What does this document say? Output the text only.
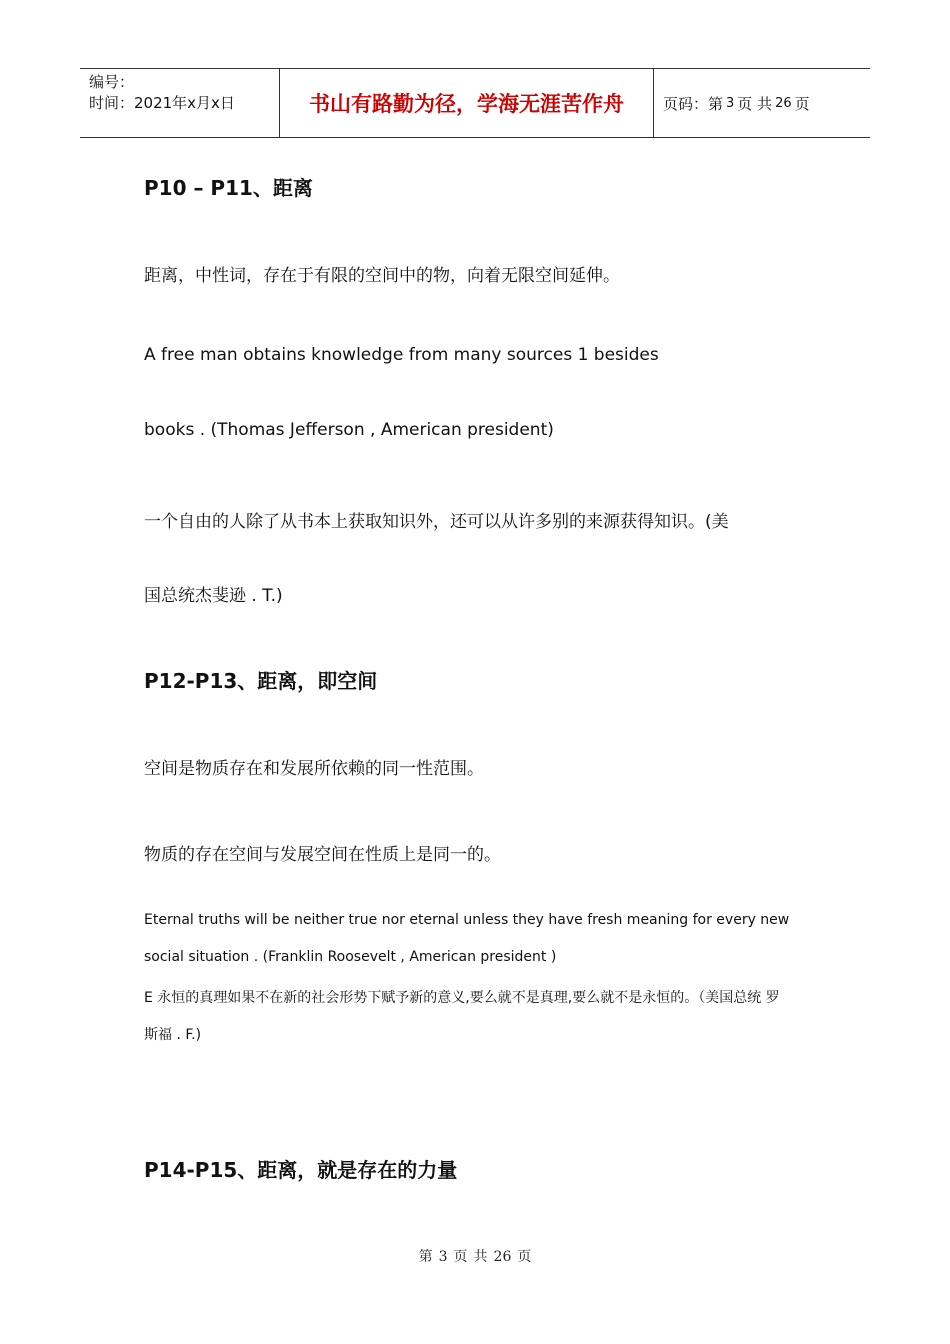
编号：
时间：2021年x月x日	书山有路勤为径，学海无涯苦作舟	页码：第 3 页 共 26 页
P10 – P11、距离
距离，中性词，存在于有限的空间中的物，向着无限空间延伸。
A free man obtains knowledge from many sources 1 besides
books . (Thomas Jefferson , American president)
一个自由的人除了从书本上获取知识外，还可以从许多别的来源获得知识。(美
国总统杰斐逊 . T.)
P12-P13、距离，即空间
空间是物质存在和发展所依赖的同一性范围。
物质的存在空间与发展空间在性质上是同一的。
Eternal truths will be neither true nor eternal unless they have fresh meaning for every new
social situation . (Franklin Roosevelt , American president )
E 永恒的真理如果不在新的社会形势下赋予新的意义,要么就不是真理,要么就不是永恒的。（美国总统 罗
斯福 . F.)
P14-P15、距离，就是存在的力量
第 3 页 共 26 页
